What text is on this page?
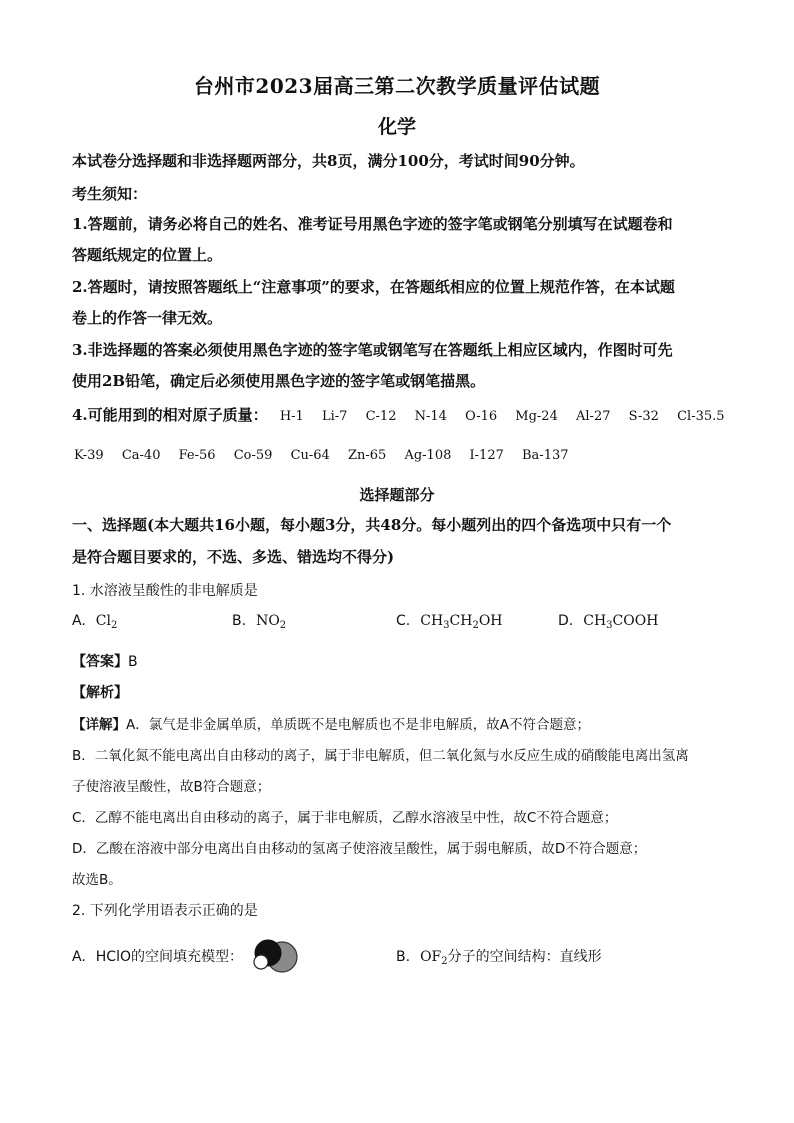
台州市2023届高三第二次教学质量评估试题
化学
本试卷分选择题和非选择题两部分，共8页，满分100分，考试时间90分钟。
考生须知：
1.答题前，请务必将自己的姓名、准考证号用黑色字迹的签字笔或钢笔分别填写在试题卷和
答题纸规定的位置上。
2.答题时，请按照答题纸上“注意事项”的要求，在答题纸相应的位置上规范作答，在本试题
卷上的作答一律无效。
3.非选择题的答案必须使用黑色字迹的签字笔或钢笔写在答题纸上相应区域内，作图时可先
使用2B铅笔，确定后必须使用黑色字迹的签字笔或钢笔描黑。
4.可能用到的相对原子质量： H-1 Li-7 C-12 N-14 O-16 Mg-24 Al-27 S-32 Cl-35.5
K-39 Ca-40 Fe-56 Co-59 Cu-64 Zn-65 Ag-108 I-127 Ba-137
选择题部分
一、选择题(本大题共16小题，每小题3分，共48分。每小题列出的四个备选项中只有一个
是符合题目要求的，不选、多选、错选均不得分)
1. 水溶液呈酸性的非电解质是
A. $Cl_2$	B. $NO_2$	C. $CH_3CH_2OH$	D. $CH_3COOH$
【答案】B
【解析】
【详解】A．氯气是非金属单质，单质既不是电解质也不是非电解质，故A不符合题意；
B．二氧化氮不能电离出自由移动的离子，属于非电解质，但二氧化氮与水反应生成的硝酸能电离出氢离
子使溶液呈酸性，故B符合题意；
C．乙醇不能电离出自由移动的离子，属于非电解质，乙醇水溶液呈中性，故C不符合题意；
D．乙酸在溶液中部分电离出自由移动的氢离子使溶液呈酸性，属于弱电解质，故D不符合题意；
故选B。
2. 下列化学用语表示正确的是
A. HClO的空间填充模型：	B. $OF_2$分子的空间结构：直线形
